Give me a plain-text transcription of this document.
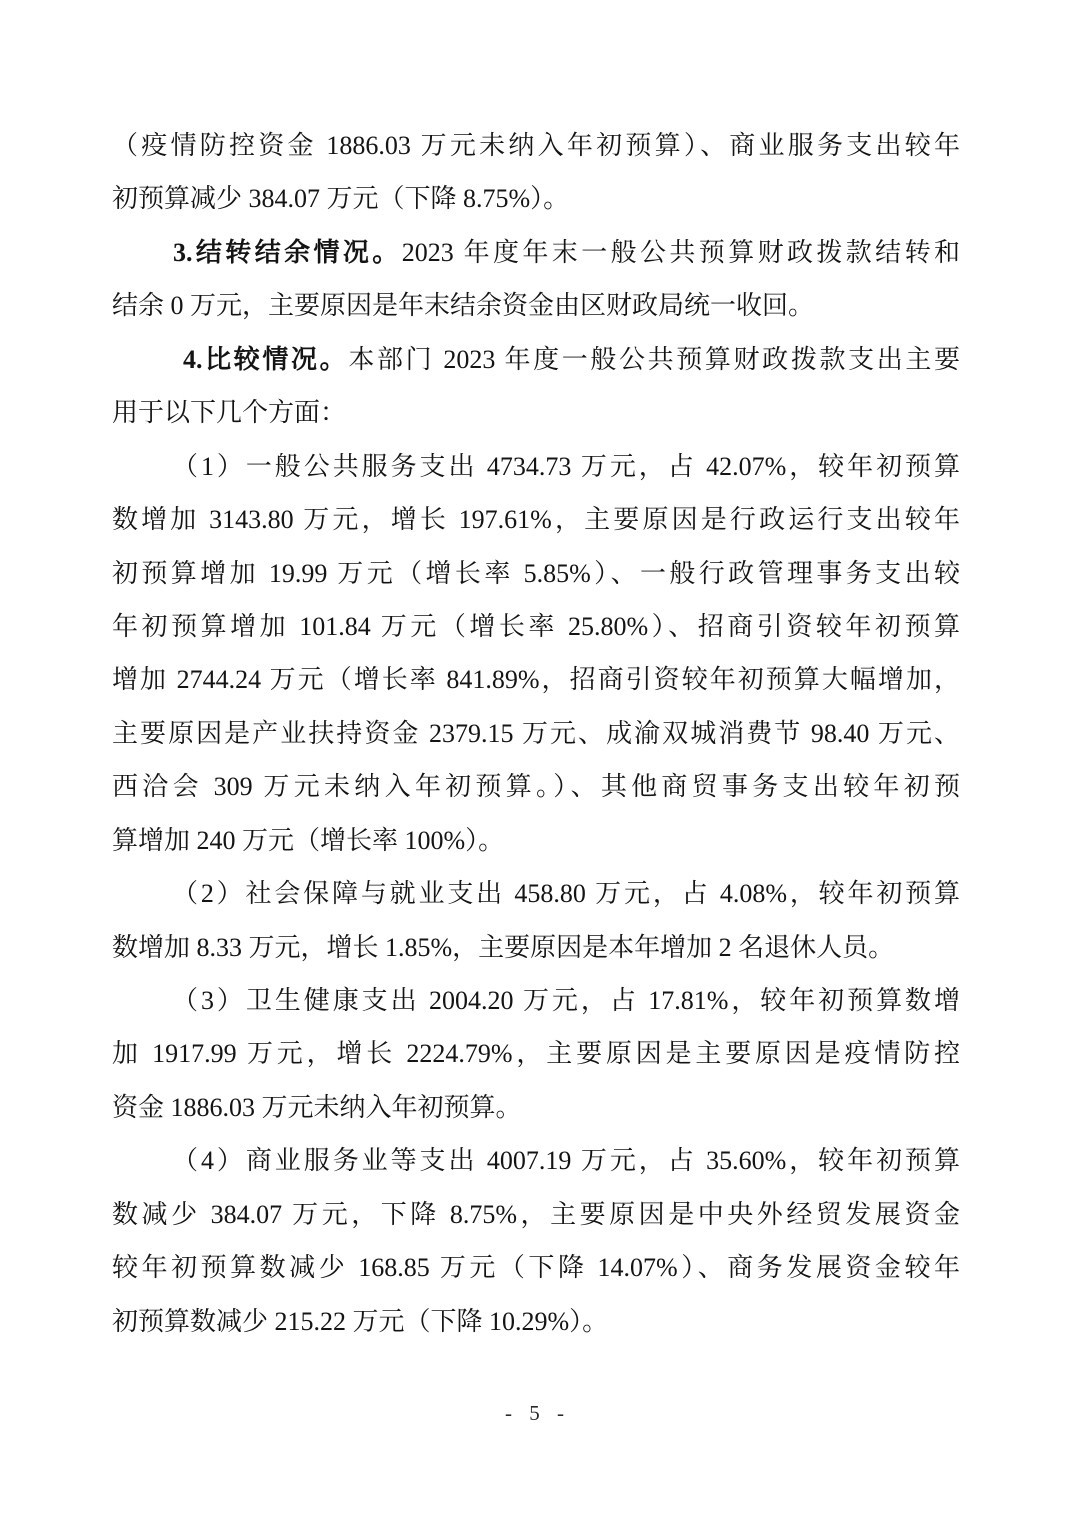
（疫情防控资金 1886.03 万元未纳入年初预算）、商业服务支出较年
初预算减少 384.07 万元（下降 8.75%）。
3.结转结余情况。2023 年度年末一般公共预算财政拨款结转和
结余 0 万元，主要原因是年末结余资金由区财政局统一收回。
4.比较情况。本部门 2023 年度一般公共预算财政拨款支出主要
用于以下几个方面：
（1）一般公共服务支出 4734.73 万元，占 42.07%，较年初预算
数增加 3143.80 万元，增长 197.61%，主要原因是行政运行支出较年
初预算增加 19.99 万元（增长率 5.85%）、一般行政管理事务支出较
年初预算增加 101.84 万元（增长率 25.80%）、招商引资较年初预算
增加 2744.24 万元（增长率 841.89%，招商引资较年初预算大幅增加，
主要原因是产业扶持资金 2379.15 万元、成渝双城消费节 98.40 万元、
西洽会 309 万元未纳入年初预算。）、其他商贸事务支出较年初预
算增加 240 万元（增长率 100%）。
（2）社会保障与就业支出 458.80 万元，占 4.08%，较年初预算
数增加 8.33 万元，增长 1.85%，主要原因是本年增加 2 名退休人员。
（3）卫生健康支出 2004.20 万元，占 17.81%，较年初预算数增
加 1917.99 万元，增长 2224.79%，主要原因是主要原因是疫情防控
资金 1886.03 万元未纳入年初预算。
（4）商业服务业等支出 4007.19 万元，占 35.60%，较年初预算
数减少 384.07 万元，下降 8.75%，主要原因是中央外经贸发展资金
较年初预算数减少 168.85 万元（下降 14.07%）、商务发展资金较年
初预算数减少 215.22 万元（下降 10.29%）。
- 5 -
